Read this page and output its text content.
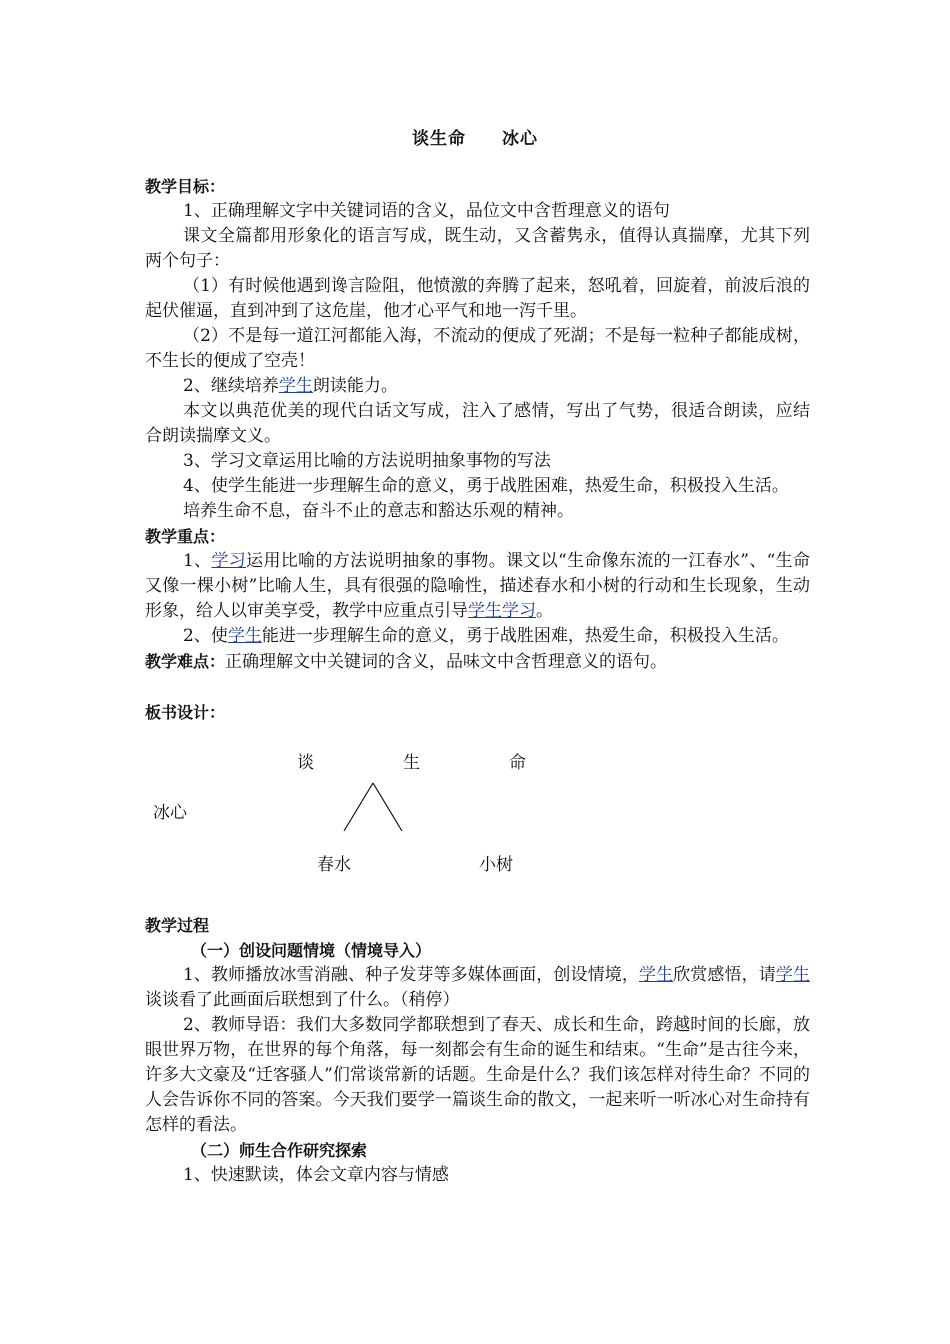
谈生命 冰心

教学目标：

1、正确理解文字中关键词语的含义，品位文中含哲理意义的语句

课文全篇都用形象化的语言写成，既生动，又含蓄隽永，值得认真揣摩，尤其下列两个句子：

（1）有时候他遇到谗言险阻，他愤激的奔腾了起来，怒吼着，回旋着，前波后浪的起伏催逼，直到冲到了这危崖，他才心平气和地一泻千里。

（2）不是每一道江河都能入海，不流动的便成了死湖；不是每一粒种子都能成树，不生长的便成了空壳！

2、继续培养学生朗读能力。

本文以典范优美的现代白话文写成，注入了感情，写出了气势，很适合朗读，应结合朗读揣摩文义。

3、学习文章运用比喻的方法说明抽象事物的写法

4、使学生能进一步理解生命的意义，勇于战胜困难，热爱生命，积极投入生活。

培养生命不息，奋斗不止的意志和豁达乐观的精神。

教学重点：

1、学习运用比喻的方法说明抽象的事物。课文以“生命像东流的一江春水”、“生命又像一棵小树”比喻人生，具有很强的隐喻性，描述春水和小树的行动和生长现象，生动形象，给人以审美享受，教学中应重点引导学生学习。

2、使学生能进一步理解生命的意义，勇于战胜困难，热爱生命，积极投入生活。

教学难点：正确理解文中关键词的含义，品味文中含哲理意义的语句。

板书设计：

谈	生	命
冰心
春水	小树

教学过程

（一）创设问题情境（情境导入）

1、教师播放冰雪消融、种子发芽等多媒体画面，创设情境，学生欣赏感悟，请学生谈谈看了此画面后联想到了什么。（稍停）

2、教师导语：我们大多数同学都联想到了春天、成长和生命，跨越时间的长廊，放眼世界万物，在世界的每个角落，每一刻都会有生命的诞生和结束。“生命”是古往今来，许多大文豪及“迁客骚人”们常谈常新的话题。生命是什么？我们该怎样对待生命？不同的人会告诉你不同的答案。今天我们要学一篇谈生命的散文，一起来听一听冰心对生命持有怎样的看法。

（二）师生合作研究探索

1、快速默读，体会文章内容与情感
